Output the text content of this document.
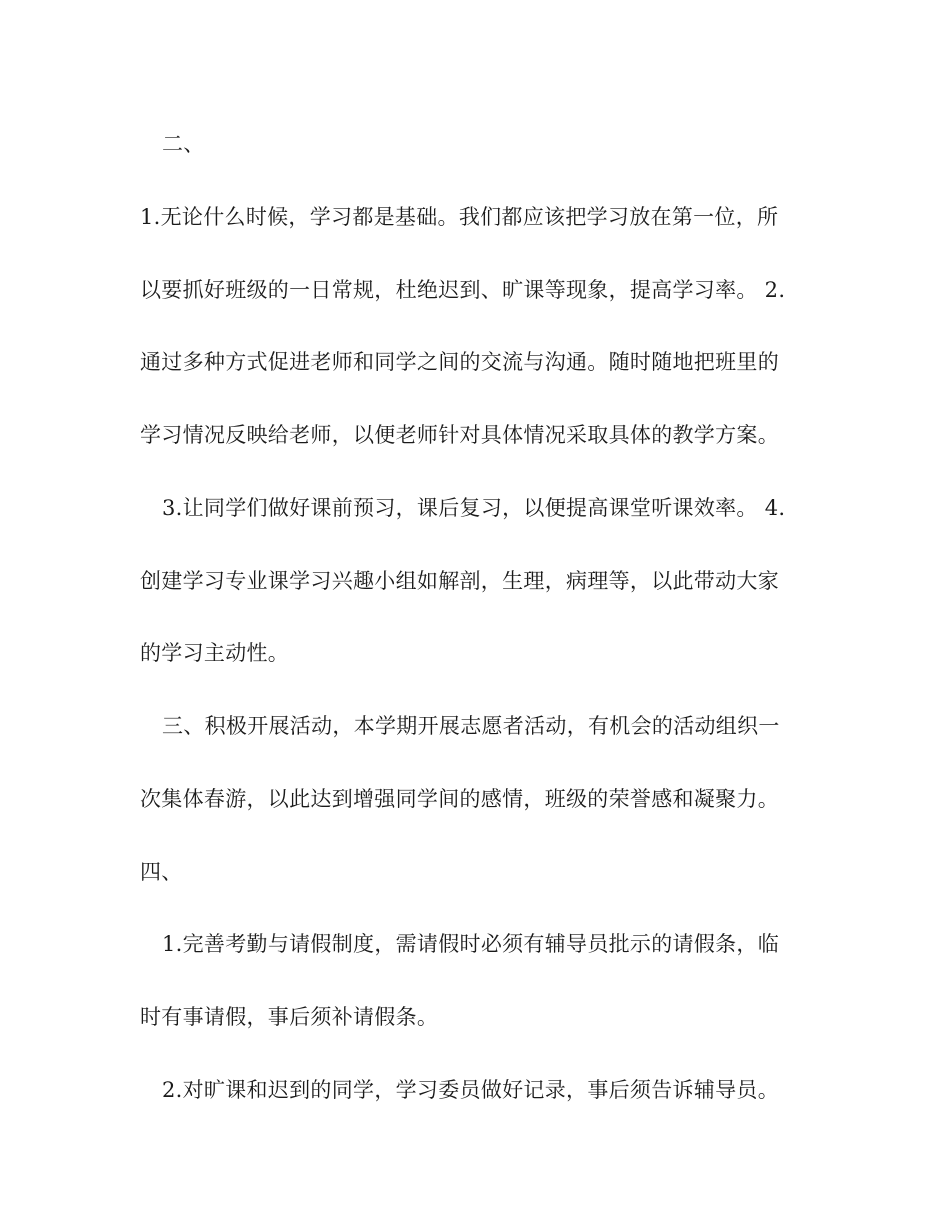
二、
1.无论什么时候，学习都是基础。我们都应该把学习放在第一位，所
以要抓好班级的一日常规，杜绝迟到、旷课等现象，提高学习率。 2.
通过多种方式促进老师和同学之间的交流与沟通。随时随地把班里的
学习情况反映给老师，以便老师针对具体情况采取具体的教学方案。
3.让同学们做好课前预习，课后复习，以便提高课堂听课效率。 4.
创建学习专业课学习兴趣小组如解剖，生理，病理等，以此带动大家
的学习主动性。
三、积极开展活动，本学期开展志愿者活动，有机会的活动组织一
次集体春游，以此达到增强同学间的感情，班级的荣誉感和凝聚力。
四、
1.完善考勤与请假制度，需请假时必须有辅导员批示的请假条，临
时有事请假，事后须补请假条。
2.对旷课和迟到的同学，学习委员做好记录，事后须告诉辅导员。
